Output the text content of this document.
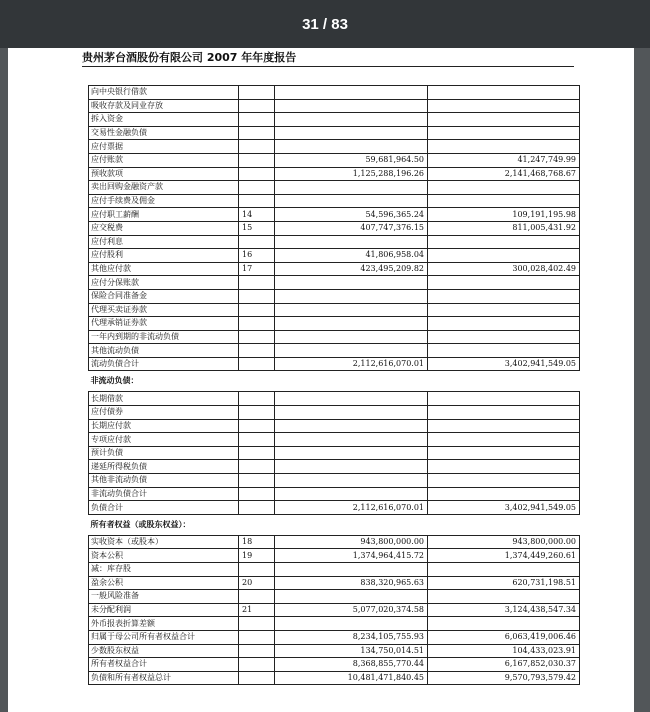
31 / 83
贵州茅台酒股份有限公司 2007 年年度报告
向中央银行借款			
吸收存款及同业存放			
拆入资金			
交易性金融负债			
应付票据			
应付账款		59,681,964.50	41,247,749.99
预收款项		1,125,288,196.26	2,141,468,768.67
卖出回购金融资产款			
应付手续费及佣金			
应付职工薪酬	14	54,596,365.24	109,191,195.98
应交税费	15	407,747,376.15	811,005,431.92
应付利息			
应付股利	16	41,806,958.04	
其他应付款	17	423,495,209.82	300,028,402.49
应付分保账款			
保险合同准备金			
代理买卖证券款			
代理承销证券款			
一年内到期的非流动负债			
其他流动负债			
流动负债合计		2,112,616,070.01	3,402,941,549.05
非流动负债：			
长期借款			
应付债券			
长期应付款			
专项应付款			
预计负债			
递延所得税负债			
其他非流动负债			
非流动负债合计			
负债合计		2,112,616,070.01	3,402,941,549.05
所有者权益（或股东权益）：			
实收资本（或股本）	18	943,800,000.00	943,800,000.00
资本公积	19	1,374,964,415.72	1,374,449,260.61
减：库存股			
盈余公积	20	838,320,965.63	620,731,198.51
一般风险准备			
未分配利润	21	5,077,020,374.58	3,124,438,547.34
外币报表折算差额			
归属于母公司所有者权益合计		8,234,105,755.93	6,063,419,006.46
少数股东权益		134,750,014.51	104,433,023.91
所有者权益合计		8,368,855,770.44	6,167,852,030.37
负债和所有者权益总计		10,481,471,840.45	9,570,793,579.42
